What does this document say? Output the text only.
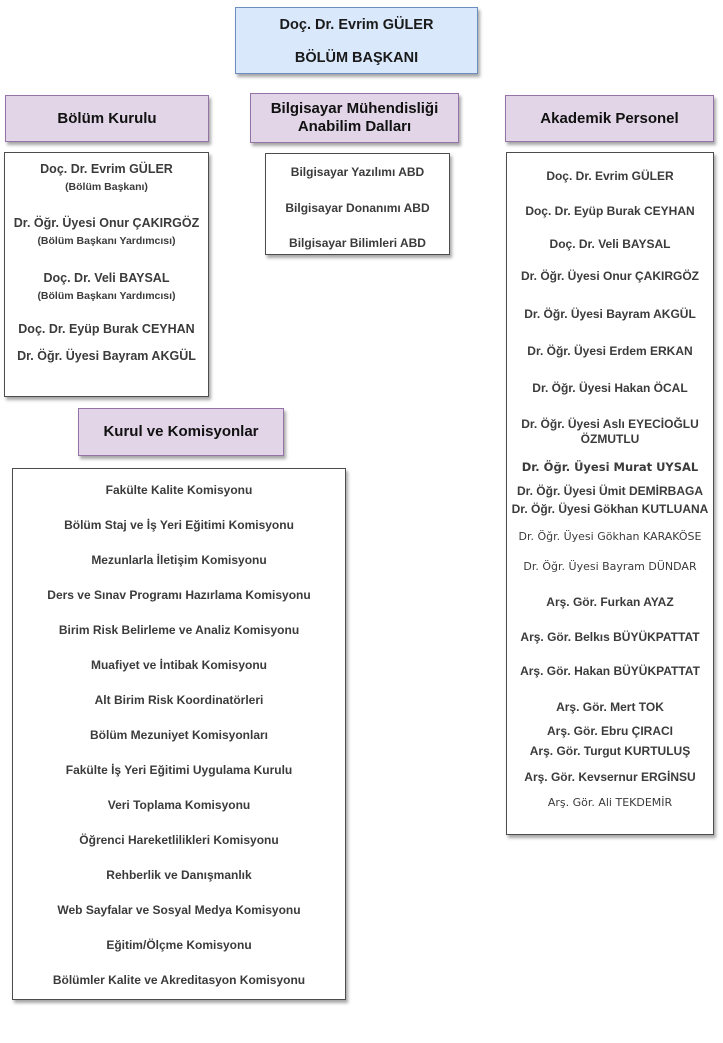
Doç. Dr. Evrim GÜLER
BÖLÜM BAŞKANI
Bölüm Kurulu
Bilgisayar Mühendisliği Anabilim Dalları	Akademik Personel
Kurul ve Komisyonlar
Doç. Dr. Evrim GÜLER
(Bölüm Başkanı)
Dr. Öğr. Üyesi Onur ÇAKIRGÖZ
(Bölüm Başkanı Yardımcısı)
Doç. Dr. Veli BAYSAL
(Bölüm Başkanı Yardımcısı)
Doç. Dr. Eyüp Burak CEYHAN
Dr. Öğr. Üyesi Bayram AKGÜL
Bilgisayar Yazılımı ABD
Bilgisayar Donanımı ABD
Bilgisayar Bilimleri ABD
Doç. Dr. Evrim GÜLER
Doç. Dr. Eyüp Burak CEYHAN
Doç. Dr. Veli BAYSAL
Dr. Öğr. Üyesi Onur ÇAKIRGÖZ
Dr. Öğr. Üyesi Bayram AKGÜL
Dr. Öğr. Üyesi Erdem ERKAN
Dr. Öğr. Üyesi Hakan ÖCAL
Dr. Öğr. Üyesi Aslı EYECİOĞLU ÖZMUTLU
Dr. Öğr. Üyesi Murat UYSAL
Dr. Öğr. Üyesi Ümit DEMİRBAGA
Dr. Öğr. Üyesi Gökhan KUTLUANA
Dr. Öğr. Üyesi Gökhan KARAKÖSE
Dr. Öğr. Üyesi Bayram DÜNDAR
Arş. Gör. Furkan AYAZ
Arş. Gör. Belkıs BÜYÜKPATTAT
Arş. Gör. Hakan BÜYÜKPATTAT
Arş. Gör. Mert TOK
Arş. Gör. Ebru ÇIRACI
Arş. Gör. Turgut KURTULUŞ
Arş. Gör. Kevsernur ERGİNSU
Arş. Gör. Ali TEKDEMİR
Fakülte Kalite Komisyonu
Bölüm Staj ve İş Yeri Eğitimi Komisyonu
Mezunlarla İletişim Komisyonu
Ders ve Sınav Programı Hazırlama Komisyonu
Birim Risk Belirleme ve Analiz Komisyonu
Muafiyet ve İntibak Komisyonu
Alt Birim Risk Koordinatörleri
Bölüm Mezuniyet Komisyonları
Fakülte İş Yeri Eğitimi Uygulama Kurulu
Veri Toplama Komisyonu
Öğrenci Hareketlilikleri Komisyonu
Rehberlik ve Danışmanlık
Web Sayfalar ve Sosyal Medya Komisyonu
Eğitim/Ölçme Komisyonu
Bölümler Kalite ve Akreditasyon Komisyonu
